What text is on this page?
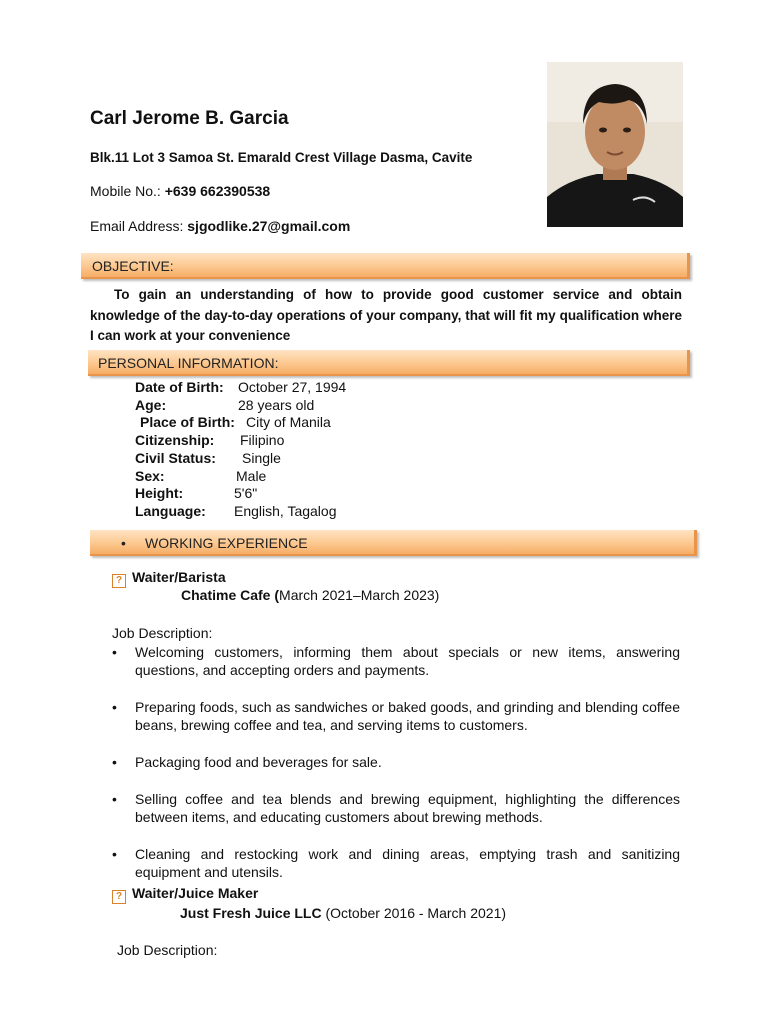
Carl Jerome B. Garcia
Blk.11 Lot 3 Samoa St. Emarald Crest Village Dasma, Cavite
Mobile No.: +639 662390538
Email Address: sjgodlike.27@gmail.com
OBJECTIVE:
To gain an understanding of how to provide good customer service and obtain knowledge of the day-to-day operations of your company, that will fit my qualification where I can work at your convenience
PERSONAL INFORMATION:
Date of Birth: October 27, 1994
Age:	28 years old
Place of Birth: City of Manila
Citizenship: Filipino
Civil Status: Single
Sex:	Male
Height:	5'6"
Language: English, Tagalog
• WORKING EXPERIENCE
? Waiter/Barista
Chatime Cafe (March 2021–March 2023)
Job Description:
• Welcoming customers, informing them about specials or new items, answering questions, and accepting orders and payments.
• Preparing foods, such as sandwiches or baked goods, and grinding and blending coffee beans, brewing coffee and tea, and serving items to customers.
• Packaging food and beverages for sale.
• Selling coffee and tea blends and brewing equipment, highlighting the differences between items, and educating customers about brewing methods.
• Cleaning and restocking work and dining areas, emptying trash and sanitizing equipment and utensils.
? Waiter/Juice Maker
Just Fresh Juice LLC (October 2016 - March 2021)
Job Description:
